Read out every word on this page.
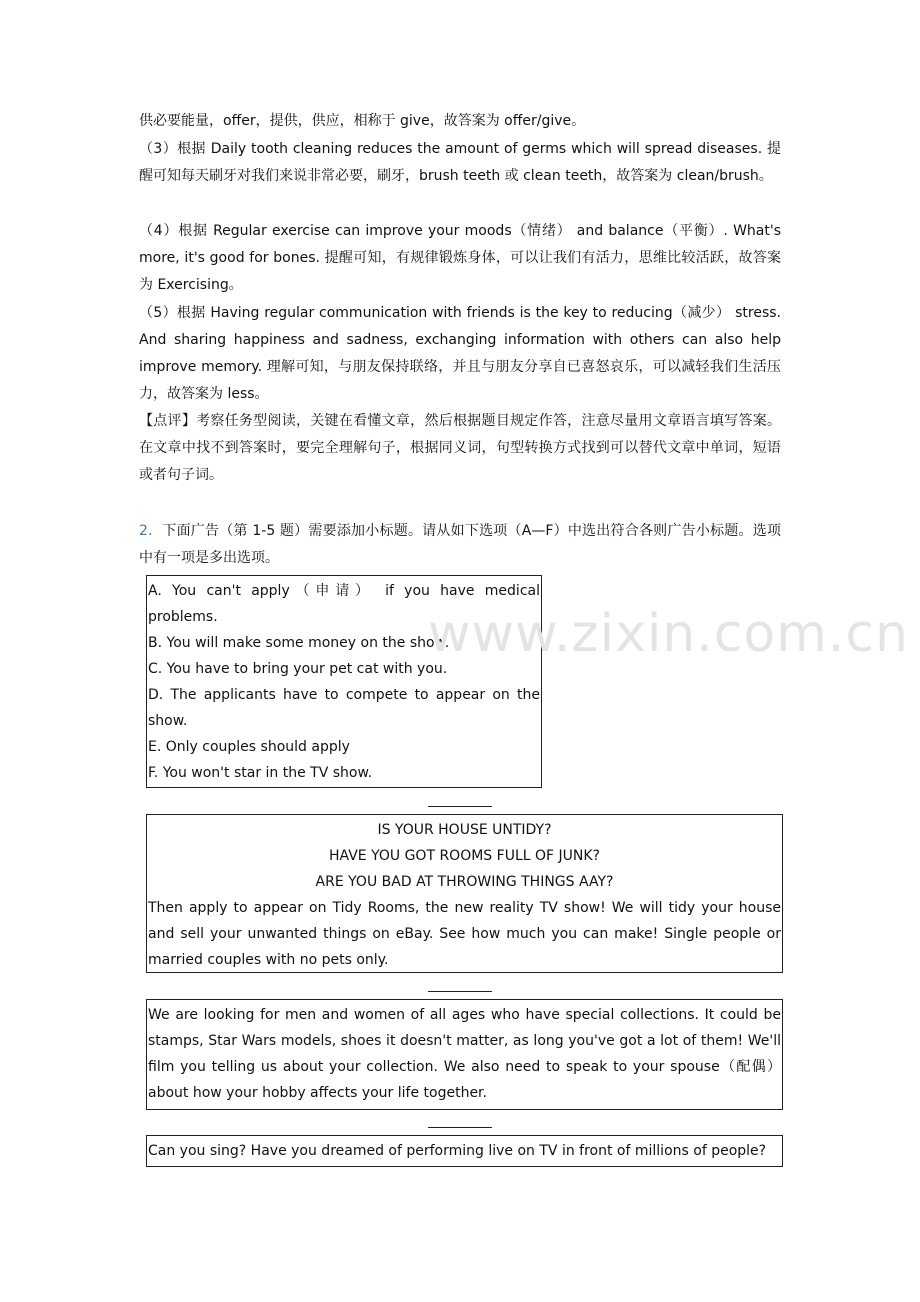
供必要能量，offer，提供，供应，相称于 give，故答案为 offer/give。

（3）根据 Daily tooth cleaning reduces the amount of germs which will spread diseases. 提醒可知每天刷牙对我们来说非常必要，刷牙，brush teeth 或 clean teeth，故答案为 clean/brush。

（4）根据 Regular exercise can improve your moods（情绪） and balance（平衡）. What's more, it's good for bones. 提醒可知，有规律锻炼身体，可以让我们有活力，思维比较活跃，故答案为 Exercising。

（5）根据 Having regular communication with friends is the key to reducing（减少） stress. And sharing happiness and sadness, exchanging information with others can also help improve memory. 理解可知，与朋友保持联络，并且与朋友分享自已喜怒哀乐，可以减轻我们生活压力，故答案为 less。

【点评】考察任务型阅读，关键在看懂文章，然后根据题目规定作答，注意尽量用文章语言填写答案。在文章中找不到答案时，要完全理解句子，根据同义词，句型转换方式找到可以替代文章中单词，短语或者句子词。

2．下面广告（第 1-5 题）需要添加小标题。请从如下选项（A—F）中选出符合各则广告小标题。选项中有一项是多出选项。

A. You can't apply（申请） if you have medical problems.

B. You will make some money on the show.

C. You have to bring your pet cat with you.

D. The applicants have to compete to appear on the show.

E. Only couples should apply

F. You won't star in the TV show.

IS YOUR HOUSE UNTIDY?

HAVE YOU GOT ROOMS FULL OF JUNK?

ARE YOU BAD AT THROWING THINGS AAY?

Then apply to appear on Tidy Rooms, the new reality TV show! We will tidy your house and sell your unwanted things on eBay. See how much you can make! Single people or married couples with no pets only.

We are looking for men and women of all ages who have special collections. It could be stamps, Star Wars models, shoes it doesn't matter, as long you've got a lot of them! We'll film you telling us about your collection. We also need to speak to your spouse（配偶）about how your hobby affects your life together.

Can you sing? Have you dreamed of performing live on TV in front of millions of people?

www.zixin.com.cn
